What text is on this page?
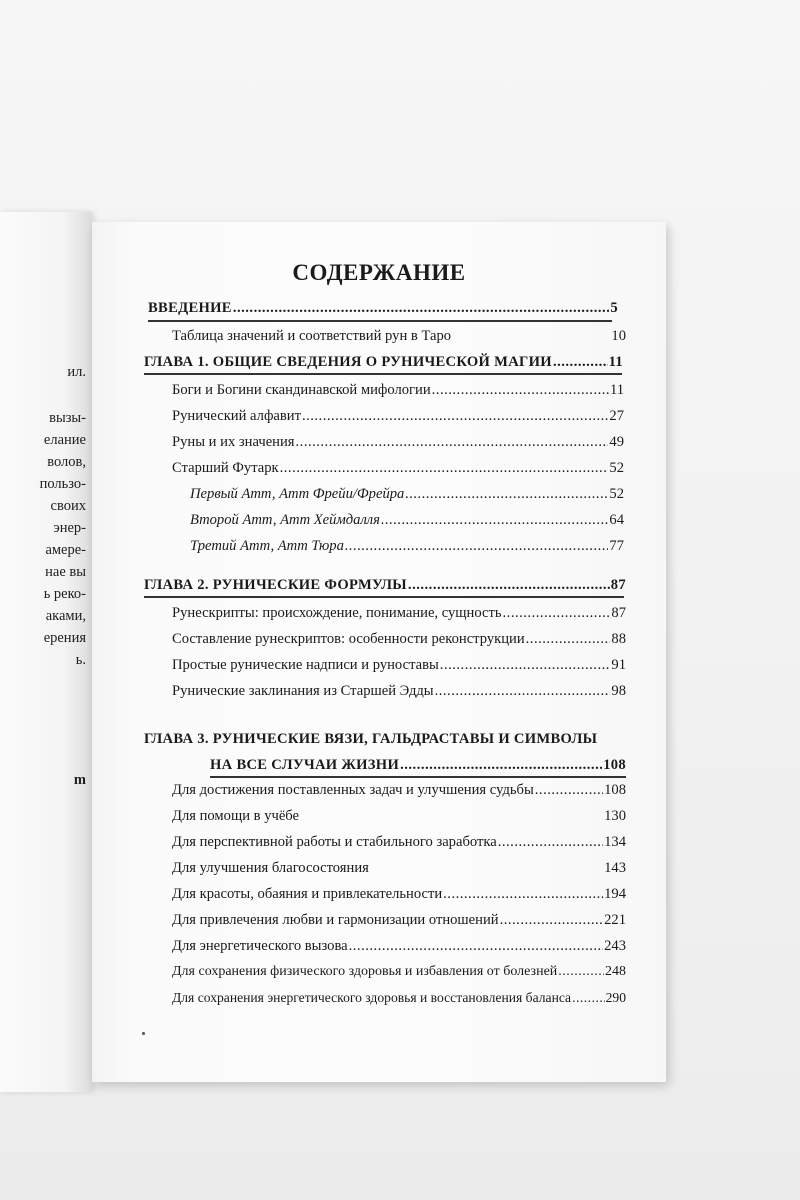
ил.
вызы-
елание
волов,
пользо-
своих
энер-
амере-
нае вы
ь реко-
аками,
ерения
ь.
m
СОДЕРЖАНИЕ
ВВЕДЕНИЕ .....	5
Таблица значений и соответствий рун в Таро	10
ГЛАВА 1. ОБЩИЕ СВЕДЕНИЯ О РУНИЧЕСКОЙ МАГИИ .....	11
Боги и Богини скандинавской мифологии .....	11
Рунический алфавит .....	27
Руны и их значения .....	49
Старший Футарк .....	52
Первый Атт, Атт Фрейи/Фрейра .....	52
Второй Атт, Атт Хеймдалля .....	64
Третий Атт, Атт Тюра .....	77
ГЛАВА 2. РУНИЧЕСКИЕ ФОРМУЛЫ .....	87
Рунескрипты: происхождение, понимание, сущность .....	87
Составление рунескриптов: особенности реконструкции .....	88
Простые рунические надписи и руноставы .....	91
Рунические заклинания из Старшей Эдды .....	98
ГЛАВА 3. РУНИЧЕСКИЕ ВЯЗИ, ГАЛЬДРАСТАВЫ И СИМВОЛЫ
НА ВСЕ СЛУЧАИ ЖИЗНИ .....	108
Для достижения поставленных задач и улучшения судьбы .....	108
Для помощи в учёбе	130
Для перспективной работы и стабильного заработка .....	134
Для улучшения благосостояния	143
Для красоты, обаяния и привлекательности .....	194
Для привлечения любви и гармонизации отношений .....	221
Для энергетического вызова .....	243
Для сохранения физического здоровья и избавления от болезней .....	248
Для сохранения энергетического здоровья и восстановления баланса .....	290
